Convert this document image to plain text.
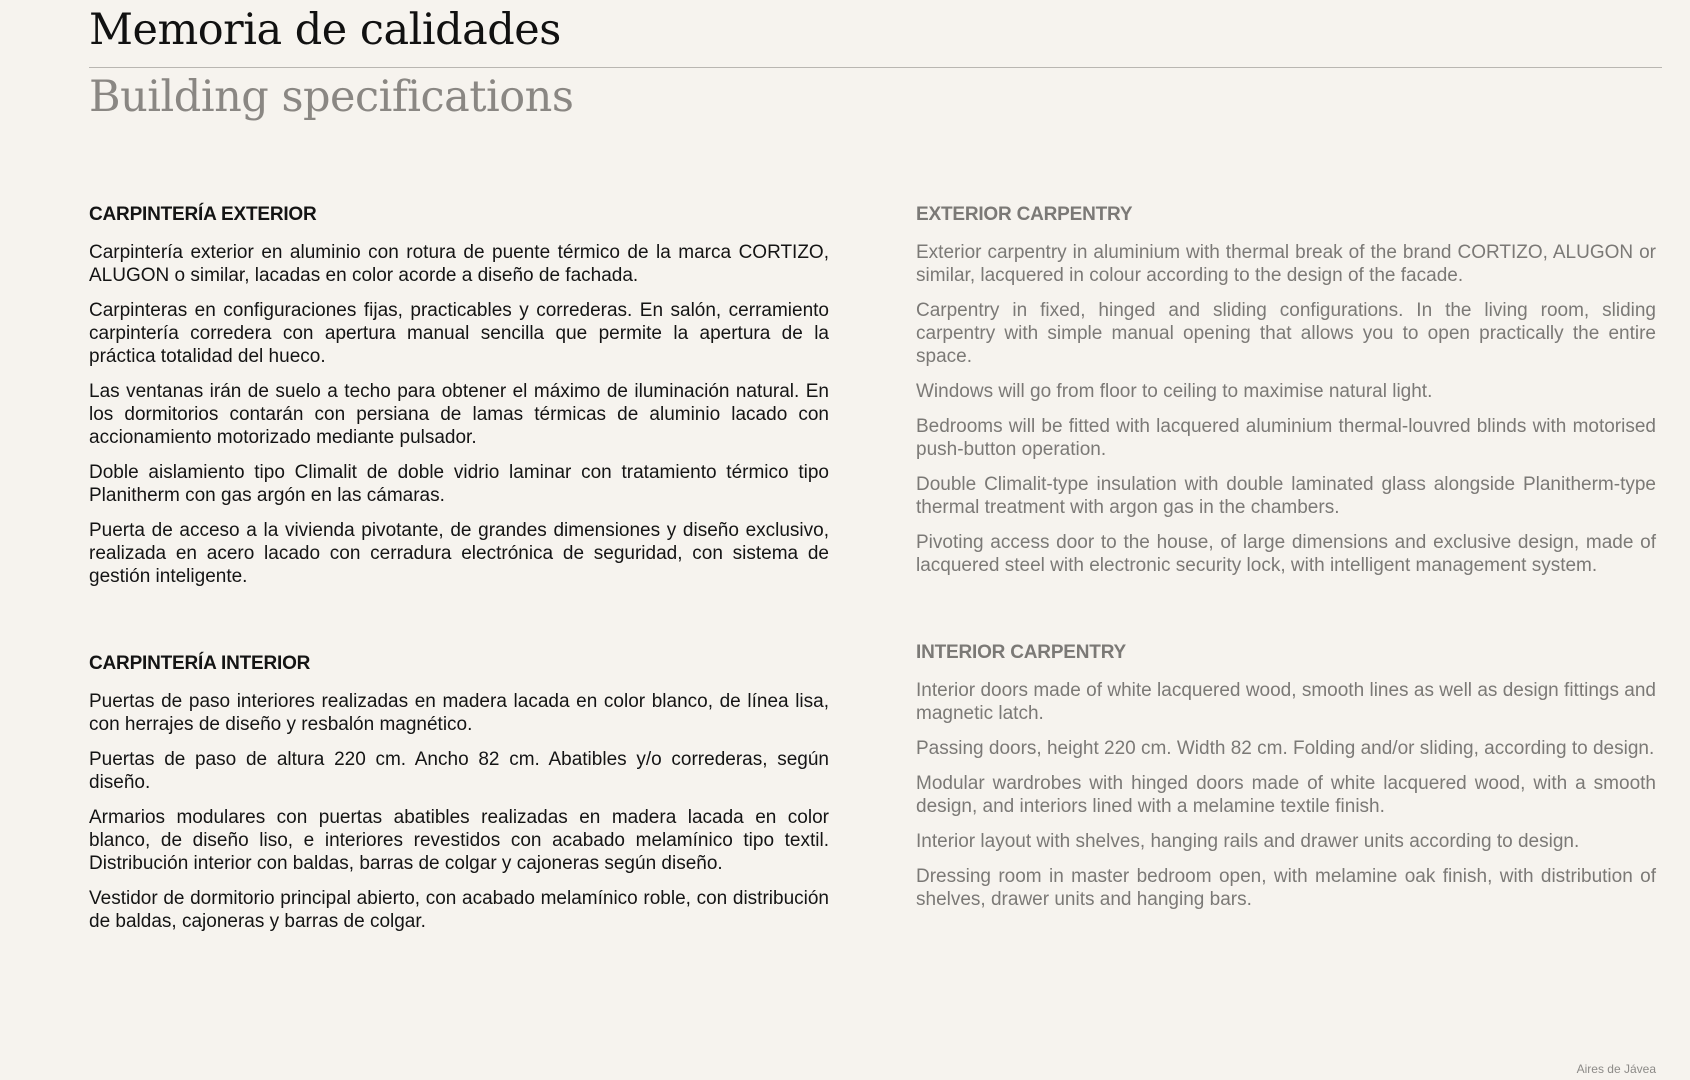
Memoria de calidades
Building specifications
CARPINTERÍA EXTERIOR

Carpintería exterior en aluminio con rotura de puente térmico de la marca CORTIZO, ALUGON o similar, lacadas en color acorde a diseño de fachada.

Carpinteras en configuraciones fijas, practicables y correderas. En salón, cerramiento carpintería corredera con apertura manual sencilla que permite la apertura de la práctica totalidad del hueco.

Las ventanas irán de suelo a techo para obtener el máximo de iluminación natural. En los dormitorios contarán con persiana de lamas térmicas de aluminio lacado con accionamiento motorizado mediante pulsador.

Doble aislamiento tipo Climalit de doble vidrio laminar con tratamiento térmico tipo Planitherm con gas argón en las cámaras.

Puerta de acceso a la vivienda pivotante, de grandes dimensiones y diseño exclusivo, realizada en acero lacado con cerradura electrónica de seguridad, con sistema de gestión inteligente.

CARPINTERÍA INTERIOR

Puertas de paso interiores realizadas en madera lacada en color blanco, de línea lisa, con herrajes de diseño y resbalón magnético.

Puertas de paso de altura 220 cm. Ancho 82 cm. Abatibles y/o correderas, según diseño.

Armarios modulares con puertas abatibles realizadas en madera lacada en color blanco, de diseño liso, e interiores revestidos con acabado melamínico tipo textil. Distribución interior con baldas, barras de colgar y cajoneras según diseño.

Vestidor de dormitorio principal abierto, con acabado melamínico roble, con distribución de baldas, cajoneras y barras de colgar.

EXTERIOR CARPENTRY

Exterior carpentry in aluminium with thermal break of the brand CORTIZO, ALUGON or similar, lacquered in colour according to the design of the facade.

Carpentry in fixed, hinged and sliding configurations. In the living room, sliding carpentry with simple manual opening that allows you to open practically the entire space.

Windows will go from floor to ceiling to maximise natural light.

Bedrooms will be fitted with lacquered aluminium thermal-louvred blinds with motorised push-button operation.

Double Climalit-type insulation with double laminated glass alongside Planitherm-type thermal treatment with argon gas in the chambers.

Pivoting access door to the house, of large dimensions and exclusive design, made of lacquered steel with electronic security lock, with intelligent management system.

INTERIOR CARPENTRY

Interior doors made of white lacquered wood, smooth lines as well as design fittings and magnetic latch.

Passing doors, height 220 cm. Width 82 cm. Folding and/or sliding, according to design.

Modular wardrobes with hinged doors made of white lacquered wood, with a smooth design, and interiors lined with a melamine textile finish.

Interior layout with shelves, hanging rails and drawer units according to design.

Dressing room in master bedroom open, with melamine oak finish, with distribution of shelves, drawer units and hanging bars.

Aires de Jávea
